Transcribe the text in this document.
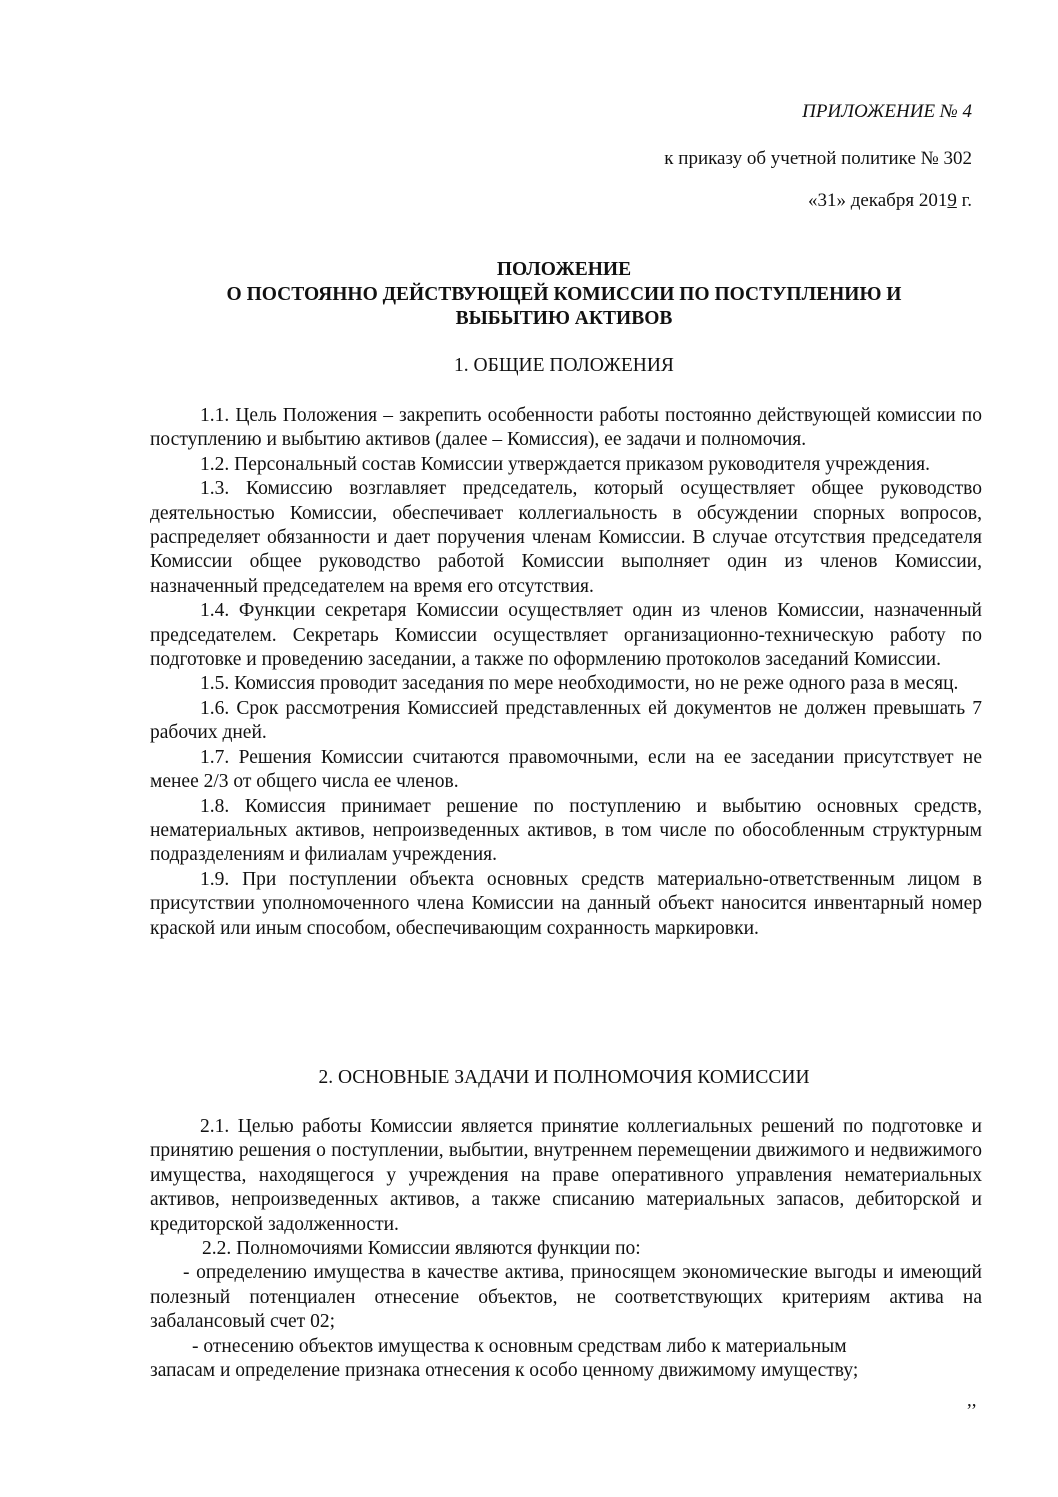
ПРИЛОЖЕНИЕ № 4
к приказу об учетной политике № 302
«31» декабря 2019 г.
ПОЛОЖЕНИЕ
О ПОСТОЯННО ДЕЙСТВУЮЩЕЙ КОМИССИИ ПО ПОСТУПЛЕНИЮ И
ВЫБЫТИЮ АКТИВОВ
1. ОБЩИЕ ПОЛОЖЕНИЯ

1.1. Цель Положения – закрепить особенности работы постоянно действующей комиссии по поступлению и выбытию активов (далее – Комиссия), ее задачи и полномочия.

1.2. Персональный состав Комиссии утверждается приказом руководителя учреждения.

1.3. Комиссию возглавляет председатель, который осуществляет общее руководство деятельностью Комиссии, обеспечивает коллегиальность в обсуждении спорных вопросов, распределяет обязанности и дает поручения членам Комиссии. В случае отсутствия председателя Комиссии общее руководство работой Комиссии выполняет один из членов Комиссии, назначенный председателем на время его отсутствия.

1.4. Функции секретаря Комиссии осуществляет один из членов Комиссии, назначенный председателем. Секретарь Комиссии осуществляет организационно-техническую работу по подготовке и проведению заседании, а также по оформлению протоколов заседаний Комиссии.

1.5. Комиссия проводит заседания по мере необходимости, но не реже одного раза в месяц.

1.6. Срок рассмотрения Комиссией представленных ей документов не должен превышать 7 рабочих дней.

1.7. Решения Комиссии считаются правомочными, если на ее заседании присутствует не менее 2/3 от общего числа ее членов.

1.8. Комиссия принимает решение по поступлению и выбытию основных средств, нематериальных активов, непроизведенных активов, в том числе по обособленным структурным подразделениям и филиалам учреждения.

1.9. При поступлении объекта основных средств материально-ответственным лицом в присутствии уполномоченного члена Комиссии на данный объект наносится инвентарный номер краской или иным способом, обеспечивающим сохранность маркировки.

2. ОСНОВНЫЕ ЗАДАЧИ И ПОЛНОМОЧИЯ КОМИССИИ

2.1. Целью работы Комиссии является принятие коллегиальных решений по подготовке и принятию решения о поступлении, выбытии, внутреннем перемещении движимого и недвижимого имущества, находящегося у учреждения на праве оперативного управления нематериальных активов, непроизведенных активов, а также списанию материальных запасов, дебиторской и кредиторской задолженности.

2.2. Полномочиями Комиссии являются функции по:

- определению имущества в качестве актива, приносящем экономические выгоды и имеющий полезный потенциален отнесение объектов, не соответствующих критериям актива на забалансовый счет 02;

- отнесению объектов имущества к основным средствам либо к материальным

запасам и определение признака отнесения к особо ценному движимому имуществу;

,,
